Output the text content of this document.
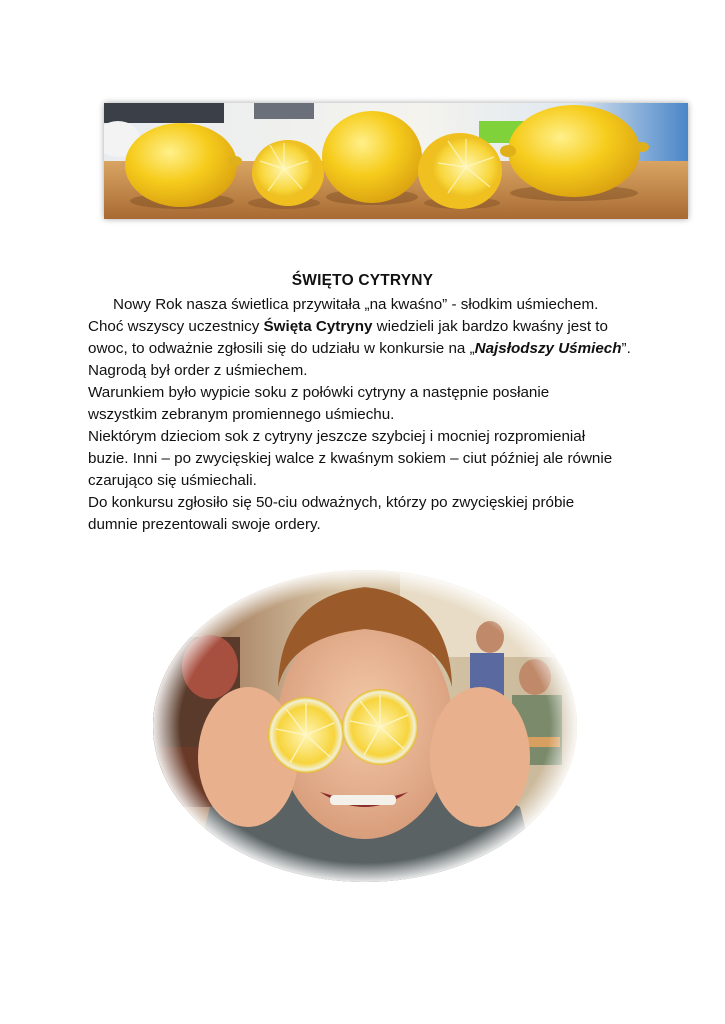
ŚWIĘTO CYTRYNY

Nowy Rok nasza świetlica przywitała „na kwaśno” - słodkim uśmiechem.

Choć wszyscy uczestnicy Święta Cytryny wiedzieli jak bardzo kwaśny jest to

owoc, to odważnie zgłosili się do udziału w konkursie na „Najsłodszy Uśmiech”.

Nagrodą był order z uśmiechem.

Warunkiem było wypicie soku z połówki cytryny a następnie posłanie

wszystkim zebranym promiennego uśmiechu.

Niektórym dzieciom sok z cytryny jeszcze szybciej i mocniej rozpromieniał

buzie. Inni – po zwycięskiej walce z kwaśnym sokiem – ciut później ale równie

czarująco się uśmiechali.

Do konkursu zgłosiło się 50-ciu odważnych, którzy po zwycięskiej próbie

dumnie prezentowali swoje ordery.
